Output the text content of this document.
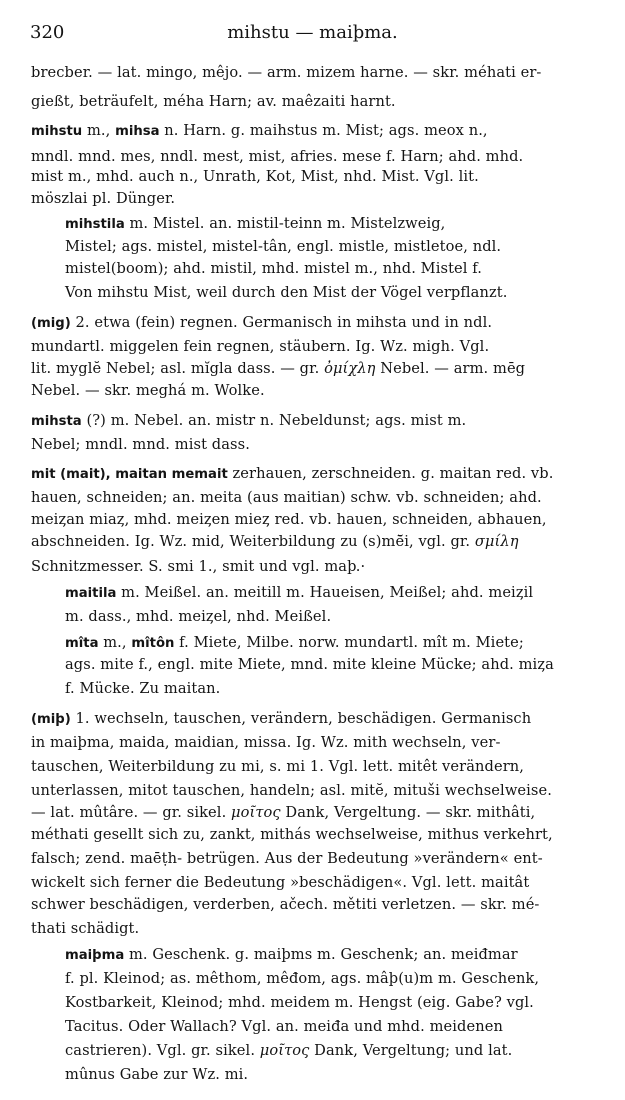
320	mihstu — maiþma.
brecber. — lat. mingo, mêjo. — arm. mizem harne. — skr. méhati er-
gießt, beträufelt, méha Harn; av. maêzaiti harnt.
mihstu m., mihsa n. Harn. g. maihstus m. Mist; ags. meox n.,
mndl. mnd. mes, nndl. mest, mist, afries. mese f. Harn; ahd. mhd.
mist m., mhd. auch n., Unrath, Kot, Mist, nhd. Mist. Vgl. lit.
möszlai pl. Dünger.
mihstila m. Mistel. an. mistil-teinn m. Mistelzweig,
Mistel; ags. mistel, mistel-tân, engl. mistle, mistletoe, ndl.
mistel(boom); ahd. mistil, mhd. mistel m., nhd. Mistel f.
Von mihstu Mist, weil durch den Mist der Vögel verpflanzt.
(mig) 2. etwa (fein) regnen. Germanisch in mihsta und in ndl.
mundartl. miggelen fein regnen, stäubern. Ig. Wz. migh. Vgl.
lit. myglĕ Nebel; asl. mĭgla dass. — gr. ὀμίχλη Nebel. — arm. mēg
Nebel. — skr. meghá m. Wolke.
mihsta (?) m. Nebel. an. mistr n. Nebeldunst; ags. mist m.
Nebel; mndl. mnd. mist dass.
mit (mait), maitan memait zerhauen, zerschneiden. g. maitan red. vb.
hauen, schneiden; an. meita (aus maitian) schw. vb. schneiden; ahd.
meiȥan miaȥ, mhd. meiȥen mieȥ red. vb. hauen, schneiden, abhauen,
abschneiden. Ig. Wz. mid, Weiterbildung zu (s)mē̆i, vgl. gr. σμίλη
Schnitzmesser. S. smi 1., smit und vgl. maþ.·
maitila m. Meißel. an. meitill m. Haueisen, Meißel; ahd. meiȥil
m. dass., mhd. meiȥel, nhd. Meißel.
mîta m., mîtôn f. Miete, Milbe. norw. mundartl. mît m. Miete;
ags. mite f., engl. mite Miete, mnd. mite kleine Mücke; ahd. miȥa
f. Mücke. Zu maitan.
(miþ) 1. wechseln, tauschen, verändern, beschädigen. Germanisch
in maiþma, maida, maidian, missa. Ig. Wz. mith wechseln, ver-
tauschen, Weiterbildung zu mi, s. mi 1. Vgl. lett. mitêt verändern,
unterlassen, mitot tauschen, handeln; asl. mitĕ, mituši wechselweise.
— lat. mûtâre. — gr. sikel. μοῖτος Dank, Vergeltung. — skr. mithâti,
méthati gesellt sich zu, zankt, mithás wechselweise, mithus verkehrt,
falsch; zend. maēṭh- betrügen. Aus der Bedeutung »verändern« ent-
wickelt sich ferner die Bedeutung »beschädigen«. Vgl. lett. maitât
schwer beschädigen, verderben, ačech. mětiti verletzen. — skr. mé-
thati schädigt.
maiþma m. Geschenk. g. maiþms m. Geschenk; an. meiđmar
f. pl. Kleinod; as. mêthom, mêđom, ags. mâþ(u)m m. Geschenk,
Kostbarkeit, Kleinod; mhd. meidem m. Hengst (eig. Gabe? vgl.
Tacitus. Oder Wallach? Vgl. an. meiđa und mhd. meidenen
castrieren). Vgl. gr. sikel. μοῖτος Dank, Vergeltung; und lat.
mûnus Gabe zur Wz. mi.
